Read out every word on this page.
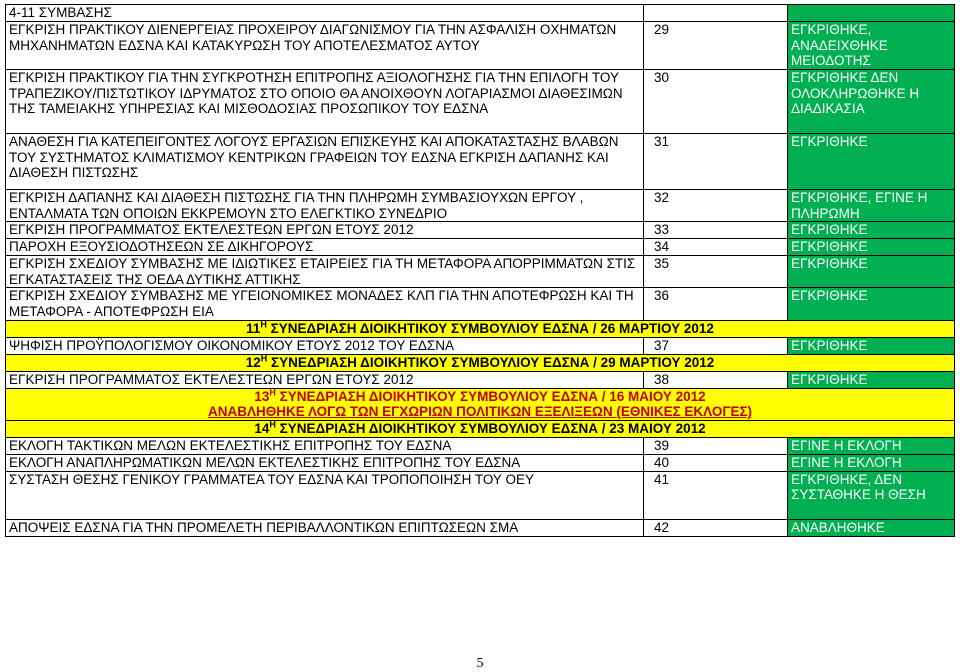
4-11 ΣΥΜΒΑΣΗΣ		
ΕΓΚΡΙΣΗ ΠΡΑΚΤΙΚΟΥ ΔΙΕΝΕΡΓΕΙΑΣ ΠΡΟΧΕΙΡΟΥ ΔΙΑΓΩΝΙΣΜΟΥ ΓΙΑ ΤΗΝ ΑΣΦΑΛΙΣΗ ΟΧΗΜΑΤΩΝ ΜΗΧΑΝΗΜΑΤΩΝ ΕΔΣΝΑ ΚΑΙ ΚΑΤΑΚΥΡΩΣΗ ΤΟΥ ΑΠΟΤΕΛΕΣΜΑΤΟΣ ΑΥΤΟΥ	29	ΕΓΚΡΙΘΗΚΕ, ΑΝΑΔΕΙΧΘΗΚΕ ΜΕΙΟΔΟΤΗΣ
ΕΓΚΡΙΣΗ ΠΡΑΚΤΙΚΟΥ ΓΙΑ ΤΗΝ ΣΥΓΚΡΟΤΗΣΗ ΕΠΙΤΡΟΠΗΣ ΑΞΙΟΛΟΓΗΣΗΣ ΓΙΑ ΤΗΝ ΕΠΙΛΟΓΗ ΤΟΥ ΤΡΑΠΕΖΙΚΟΥ/ΠΙΣΤΩΤΙΚΟΥ ΙΔΡΥΜΑΤΟΣ ΣΤΟ ΟΠΟΙΟ ΘΑ ΑΝΟΙΧΘΟΥΝ ΛΟΓΑΡΙΑΣΜΟΙ ΔΙΑΘΕΣΙΜΩΝ ΤΗΣ ΤΑΜΕΙΑΚΗΣ ΥΠΗΡΕΣΙΑΣ ΚΑΙ ΜΙΣΘΟΔΟΣΙΑΣ ΠΡΟΣΩΠΙΚΟΥ ΤΟΥ ΕΔΣΝΑ	30	ΕΓΚΡΙΘΗΚΕ ΔΕΝ ΟΛΟΚΛΗΡΩΘΗΚΕ Η ΔΙΑΔΙΚΑΣΙΑ
ΑΝΑΘΕΣΗ ΓΙΑ ΚΑΤΕΠΕΙΓΟΝΤΕΣ ΛΟΓΟΥΣ ΕΡΓΑΣΙΩΝ ΕΠΙΣΚΕΥΗΣ ΚΑΙ ΑΠΟΚΑΤΑΣΤΑΣΗΣ ΒΛΑΒΩΝ ΤΟΥ ΣΥΣΤΗΜΑΤΟΣ ΚΛΙΜΑΤΙΣΜΟΥ ΚΕΝΤΡΙΚΩΝ ΓΡΑΦΕΙΩΝ ΤΟΥ ΕΔΣΝΑ ΕΓΚΡΙΣΗ ΔΑΠΑΝΗΣ ΚΑΙ ΔΙΑΘΕΣΗ ΠΙΣΤΩΣΗΣ	31	ΕΓΚΡΙΘΗΚΕ
ΕΓΚΡΙΣΗ ΔΑΠΑΝΗΣ ΚΑΙ ΔΙΑΘΕΣΗ ΠΙΣΤΩΣΗΣ ΓΙΑ ΤΗΝ ΠΛΗΡΩΜΗ ΣΥΜΒΑΣΙΟΥΧΩΝ ΕΡΓΟΥ , ΕΝΤΑΛΜΑΤΑ ΤΩΝ ΟΠΟΙΩΝ ΕΚΚΡΕΜΟΥΝ ΣΤΟ ΕΛΕΓΚΤΙΚΟ ΣΥΝΕΔΡΙΟ	32	ΕΓΚΡΙΘΗΚΕ, ΕΓΙΝΕ Η ΠΛΗΡΩΜΗ
ΕΓΚΡΙΣΗ ΠΡΟΓΡΑΜΜΑΤΟΣ ΕΚΤΕΛΕΣΤΕΩΝ ΕΡΓΩΝ ΕΤΟΥΣ 2012	33	ΕΓΚΡΙΘΗΚΕ
ΠΑΡΟΧΗ ΕΞΟΥΣΙΟΔΟΤΗΣΕΩΝ ΣΕ ΔΙΚΗΓΟΡΟΥΣ	34	ΕΓΚΡΙΘΗΚΕ
ΕΓΚΡΙΣΗ ΣΧΕΔΙΟΥ ΣΥΜΒΑΣΗΣ ΜΕ ΙΔΙΩΤΙΚΕΣ ΕΤΑΙΡΕΙΕΣ ΓΙΑ ΤΗ ΜΕΤΑΦΟΡΑ ΑΠΟΡΡΙΜΜΑΤΩΝ ΣΤΙΣ ΕΓΚΑΤΑΣΤΑΣΕΙΣ ΤΗΣ ΟΕΔΑ ΔΥΤΙΚΗΣ ΑΤΤΙΚΗΣ	35	ΕΓΚΡΙΘΗΚΕ
ΕΓΚΡΙΣΗ ΣΧΕΔΙΟΥ ΣΥΜΒΑΣΗΣ ΜΕ ΥΓΕΙΟΝΟΜΙΚΕΣ ΜΟΝΑΔΕΣ ΚΛΠ ΓΙΑ ΤΗΝ ΑΠΟΤΕΦΡΩΣΗ ΚΑΙ ΤΗ ΜΕΤΑΦΟΡΑ - ΑΠΟΤΕΦΡΩΣΗ ΕΙΑ	36	ΕΓΚΡΙΘΗΚΕ
$11^H$ ΣΥΝΕΔΡΙΑΣΗ ΔΙΟΙΚΗΤΙΚΟΥ ΣΥΜΒΟΥΛΙΟΥ ΕΔΣΝΑ / 26 ΜΑΡΤΙΟΥ 2012		
ΨΗΦΙΣΗ ΠΡΟΫΠΟΛΟΓΙΣΜΟΥ ΟΙΚΟΝΟΜΙΚΟΥ ΕΤΟΥΣ 2012 ΤΟΥ ΕΔΣΝΑ	37	ΕΓΚΡΙΘΗΚΕ
$12^H$ ΣΥΝΕΔΡΙΑΣΗ ΔΙΟΙΚΗΤΙΚΟΥ ΣΥΜΒΟΥΛΙΟΥ ΕΔΣΝΑ / 29 ΜΑΡΤΙΟΥ 2012		
ΕΓΚΡΙΣΗ ΠΡΟΓΡΑΜΜΑΤΟΣ ΕΚΤΕΛΕΣΤΕΩΝ ΕΡΓΩΝ ΕΤΟΥΣ 2012	38	ΕΓΚΡΙΘΗΚΕ
$13^H$ ΣΥΝΕΔΡΙΑΣΗ ΔΙΟΙΚΗΤΙΚΟΥ ΣΥΜΒΟΥΛΙΟΥ ΕΔΣΝΑ / 16 ΜΑΙΟΥ 2012
ΑΝΑΒΛΗΘΗΚΕ ΛΟΓΩ ΤΩΝ ΕΓΧΩΡΙΩΝ ΠΟΛΙΤΙΚΩΝ ΕΞΕΛΙΞΕΩΝ (ΕΘΝΙΚΕΣ ΕΚΛΟΓΕΣ)		
$14^H$ ΣΥΝΕΔΡΙΑΣΗ ΔΙΟΙΚΗΤΙΚΟΥ ΣΥΜΒΟΥΛΙΟΥ ΕΔΣΝΑ / 23 ΜΑΙΟΥ 2012		
ΕΚΛΟΓΗ ΤΑΚΤΙΚΩΝ ΜΕΛΩΝ ΕΚΤΕΛΕΣΤΙΚΗΣ ΕΠΙΤΡΟΠΗΣ ΤΟΥ ΕΔΣΝΑ	39	ΕΓΙΝΕ Η ΕΚΛΟΓΗ
ΕΚΛΟΓΗ ΑΝΑΠΛΗΡΩΜΑΤΙΚΩΝ ΜΕΛΩΝ ΕΚΤΕΛΕΣΤΙΚΗΣ ΕΠΙΤΡΟΠΗΣ ΤΟΥ ΕΔΣΝΑ	40	ΕΓΙΝΕ Η ΕΚΛΟΓΗ
ΣΥΣΤΑΣΗ ΘΕΣΗΣ ΓΕΝΙΚΟΥ ΓΡΑΜΜΑΤΕΑ ΤΟΥ ΕΔΣΝΑ ΚΑΙ ΤΡΟΠΟΠΟΙΗΣΗ ΤΟΥ ΟΕΥ	41	ΕΓΚΡΙΘΗΚΕ, ΔΕΝ ΣΥΣΤΑΘΗΚΕ Η ΘΕΣΗ
ΑΠΟΨΕΙΣ ΕΔΣΝΑ ΓΙΑ ΤΗΝ ΠΡΟΜΕΛΕΤΗ ΠΕΡΙΒΑΛΛΟΝΤΙΚΩΝ ΕΠΙΠΤΩΣΕΩΝ ΣΜΑ	42	ΑΝΑΒΛΗΘΗΚΕ
5
